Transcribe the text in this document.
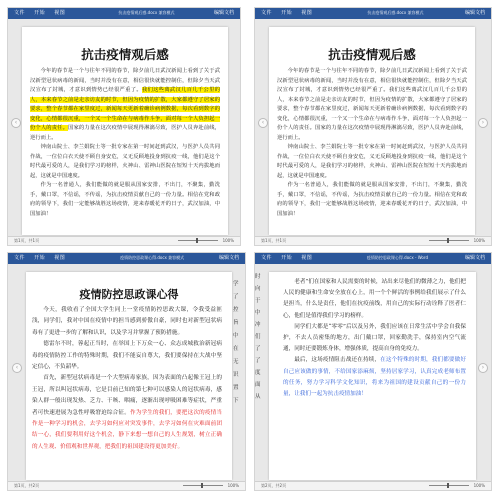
文件 开始 视图	抗击疫情观后感.docx 兼容模式	编辑文档
‹
抗击疫情观后感

今年的春节是一个与往年不同的春节，除夕前几日武汉新闻上看到了关于武汉新型冠状病毒的新闻，当时并没有在意，相信很快就能控制住，但除夕当天武汉宣布了封城，才意识到情势已经很严重了。我们这些离武汉几百几千公里的人，本来春节之前是走亲访友的时节，但因为疫情的扩散，大家都遵守了居家的要求，整个春节都在家里度过，新闻每天更新着确诊病例数据，每次看到数字的变化，心情都很沉重，一个又一个生命在与病毒作斗争，面对每一个人负担起一份个人的责任。国家的力量在这次疫情中展现得淋漓尽致，医护人员奔赴前线，逆行而上。

钟南山院士、李兰娟院士等一批专家在第一时间赶到武汉，与医护人员共同作战，一位位白衣天使不顾自身安危，义无反顾地投身到抗疫一线，他们是这个时代最可爱的人，是我们学习的榜样，火神山、雷神山医院在短短十天内拔地而起，这就是中国速度。

作为一名普通人，我们能做的就是服从国家安排，不出门，不聚集，勤洗手，戴口罩，不信谣，不传谣，为抗击疫情贡献自己的一份力量。相信在党和政府的领导下，我们一定能够战胜这场疫情，迎来春暖花开的日子，武汉加油，中国加油！

第1页，共1页	100%
文件 开始 视图	抗击疫情观后感.docx 兼容模式	编辑文档
‹	›
抗击疫情观后感

今年的春节是一个与往年不同的春节，除夕前几日武汉新闻上看到了关于武汉新型冠状病毒的新闻，当时并没有在意，相信很快就能控制住，但除夕当天武汉宣布了封城，才意识到情势已经很严重了。我们这些离武汉几百几千公里的人，本来春节之前是走亲访友的时节，但因为疫情的扩散，大家都遵守了居家的要求，整个春节都在家里度过，新闻每天更新着确诊病例数据，每次看到数字的变化，心情都很沉重，一个又一个生命在与病毒作斗争，面对每一个人负担起一份个人的责任。国家的力量在这次疫情中展现得淋漓尽致，医护人员奔赴前线，逆行而上。

钟南山院士、李兰娟院士等一批专家在第一时间赶到武汉，与医护人员共同作战，一位位白衣天使不顾自身安危，义无反顾地投身到抗疫一线，他们是这个时代最可爱的人，是我们学习的榜样，火神山、雷神山医院在短短十天内拔地而起，这就是中国速度。

作为一名普通人，我们能做的就是服从国家安排，不出门，不聚集，勤洗手，戴口罩，不信谣，不传谣，为抗击疫情贡献自己的一份力量。相信在党和政府的领导下，我们一定能够战胜这场疫情，迎来春暖花开的日子，武汉加油，中国加油！

第1页，共1页	100%
文件 开始 视图	疫情防控思政课心得.docx 兼容模式	编辑文档
‹
疫情防控思政课心得

今天，我收看了全国大学生同上一堂疫情防控思政大课，令我受益匪浅，同学们，我对中国在疫情中的担当感到骄傲自豪，同时也对新型冠状病毒有了更进一步的了解和认识，以及学习并掌握了预防措施。

德雷尔不时，蓉起正当时，在举国上下万众一心、众志成城救治新冠病毒的疫情防控工作的特殊时期，我们不能妄自尊大，我们要保持在大战中坚定信心，不负韶华。

首先，新型冠状病毒是一个大型病毒家族，因为表面的凸起像王冠上的王冠，所以叫冠状病毒，它是目前已知的第七种可以感染人的冠状病毒，感染人群一般出现发热、乏力、干咳、咽痛，逐渐出现呼吸困难等症状，严重者可快速进展为急性呼吸窘迫综合征。作为学生的我们，要把这次的疫情当作是一种学习的机会，去学习如何应对突发事件，去学习如何在灾难面前团结一心，我们要利用好这个机会，静下来想一想自己的人生规划，树立正确的人生观、价值观和世界观，把我们的祖国建设得更加美好。

学
了
控
旨
中
在
无
识
置
下
第1页，共2页	100%
文件 开始 视图	疫情防控思政课心得.docx - Word	编辑文档
时
向
于
中
冲
们
了
了
度
面
从
›

老者”们在国家和人民需要的时候，站出来尽他们的微薄之力，他们把人民的健康和生命安全放在心上，用一个个鲜活的事例给我们展示了什么是担当，什么是责任，他们在抗疫前线，用自己的实际行动诠释了医者仁心，他们是值得我们学习的榜样。

同学们大都是“零零”后以及另外，我们应该在日常生活中学会自我保护，不去人员密集的地方，出门戴口罩，回家勤洗手，保持室内空气流通，同时还要锻炼身体，增强体质，提高自身的免疫力。

最后，这场疫情阻击战还在持续，在这个特殊的时期，我们都要做好自己应该做的事情，不给国家添麻烦，坚持居家学习，认真完成老师布置的任务，努力学习科学文化知识，将来为祖国的建设贡献自己的一份力量，让我们一起为抗击疫情加油！

第2页，共2页	100%
